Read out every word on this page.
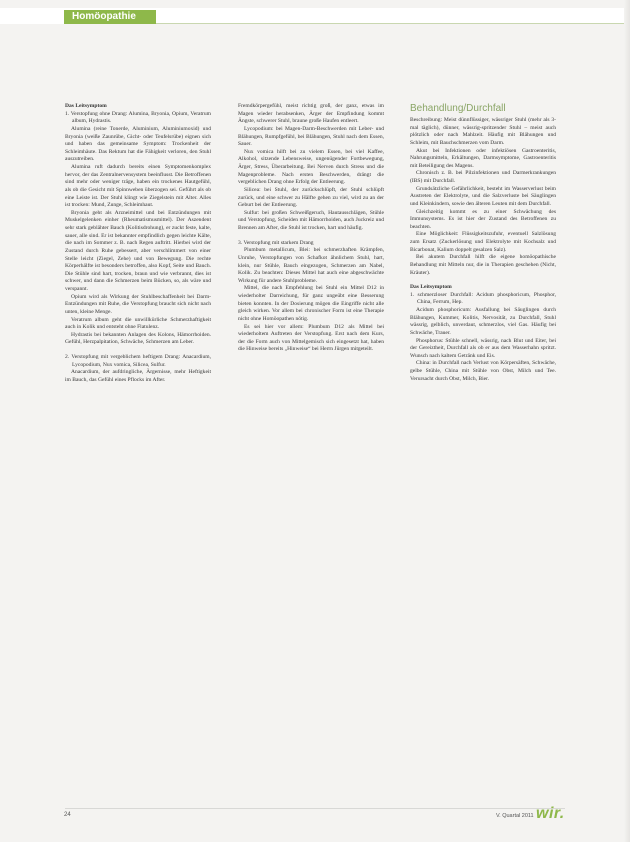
Homöopathie

Das Leitsymptom

1. Verstopfung ohne Drang: Alumina, Bryonia, Opium, Veratrum album, Hydrastis.

Alumina (reine Tonerde, Aluminium, Aluminiumoxid) und Bryonia (weiße Zaunrübe, Gicht- oder Teufelsrübe) eignen sich und haben das gemeinsame Symptom: Trockenheit der Schleimhäute. Das Rektum hat die Fähigkeit verloren, den Stuhl auszutreiben.

Alumina ruft dadurch bereits einen Symptomenkomplex hervor, der das Zentralnervensystem beeinflusst. Die Betroffenen sind mehr oder weniger träge, haben ein trockenes Hautgefühl, als ob die Gesicht mit Spinnweben überzogen sei. Geführt als ob eine Leiste ist. Der Stuhl klingt wie Ziegelstein mit Alter. Alles ist trocken: Mund, Zunge, Schleimhaut.

Bryonia geht als Arzneimittel und bei Entzündungen mit Muskelgelenken einher (Rheumatismusmittel). Der Aszendent sehr stark geblähter Bauch (Kolitisdrohung), er zuckt feste, kalte, sauer, alle sind. Er ist bekannter empfindlich gegen leichte Kälte, die nach im Sommer z. B. nach Regen auftritt. Hierbei wird der Zustand durch Ruhe gebessert, aber verschlimmert von einer Stelle leicht (Ziegel, Zehe) und von Bewegung. Die rechte Körperhälfte ist besonders betroffen, also Kopf, Seite und Bauch. Die Stühle sind hart, trocken, braun und wie verbrannt, dies ist schwer, und dann die Schmerzen beim Bücken, so, als wäre und verspannt.

Opium wird als Wirkung der Stuhlbeschaffenheit bei Darm-Entzündungen mit Ruhe, die Verstopfung braucht sich nicht nach unten, kleine Menge.

Veratrum album geht die unwillkürliche Schmerzhaftigkeit auch in Kolik und entsteht ohne Flatulenz.

Hydrastis bei bekannten Anlagen des Kolons, Hämorrhoiden. Gefühl, Herzpalpitation, Schwäche, Schmerzen am Leber.

2. Verstopfung mit vergeblichem heftigem Drang: Anacardium, Lycopodium, Nux vomica, Silicea, Sulfur.

Anacardium, der aufdringliche, Ärgernisse, mehr Heftigkeit im Bauch, das Gefühl eines Pflocks im After.

Fremdkörpergefühl, meist richtig groß, der ganz, etwas im Magen wieder herabsenken, Ärger der Empfindung kommt Ängste, schwerer Stuhl, braune große Haufen entleert.

Lycopodium: bei Magen-Darm-Beschwerden mit Leber- und Blähungen, Rumpfgefühl, bei Blähungen, Stuhl nach dem Essen, Sauer.

Nux vomica hilft bei zu vielem Essen, bei viel Kaffee, Alkohol, sitzende Lebensweise, ungenügender Fortbewegung, Ärger, Stress, Überarbeitung. Bei Nerven durch Stress und die Magenprobleme. Nach ersten Beschwerden, drängt die vergeblichen Drang ohne Erfolg der Entleerung.

Silicea: bei Stuhl, der zurückschlüpft, der Stuhl schlüpft zurück, und eine schwer zu Hälfte gehen zu viel, wird zu an der Geburt bei der Entleerung.

Sulfur: bei großen Schweißgeruch, Hautausschlägen, Stühle und Verstopfung, Scheiden mit Hämorrhoiden, auch Juckreiz und Brennen am After, die Stuhl ist trocken, hart und häufig.

3. Verstopfung mit starkem Drang

Plumbum metallicum, Blei: bei schmerzhaften Krämpfen, Unruhe, Verstopfungen von Schafkot ähnlichem Stuhl, hart, klein, nur Stühle, Bauch eingezogen, Schmerzen am Nabel, Kolik. Zu beachten: Dieses Mittel hat auch eine abgeschwächte Wirkung für andere Stuhlprobleme.

Mittel, die nach Empfehlung bei Stuhl ein Mittel D12 in wiederholter Darreichung, für ganz ungeübt eine Besserung bieten konnten. In der Dosierung mögen die Eingriffe nicht alle gleich wirken. Vor allem bei chronischer Form ist eine Therapie nicht ohne Homöopathen nötig.

Es sei hier vor allem: Plumbum D12 als Mittel bei wiederholtem Auftreten der Verstopfung. Erst nach dem Kurs, der die Form auch von Mittelgemisch sich eingesetzt hat, haben die Hinweise bereits „Hinweise“ bei Herrn Jürgen mitgeteilt.

Behandlung/Durchfall

Beschreibung: Meist dünnflüssiger, wässriger Stuhl (mehr als 3-mal täglich), dünner, wässrig-spritzender Stuhl – meist auch plötzlich oder nach Mahlzeit. Häufig mit Blähungen und Schleim, mit Bauchschmerzen vom Darm.

Akut bei Infektionen oder infektiösen Gastroenteritis, Nahrungsmitteln, Erkältungen, Darmsymptome, Gastroenteritis mit Beteiligung des Magens.

Chronisch z. B. bei Pilzinfektionen und Darmerkrankungen (IBS) mit Durchfall.

Grundsätzliche Gefährlichkeit, besteht im Wasserverlust beim Austreten der Elektrolyte, und die Salzverluste bei Säuglingen und Kleinkindern, sowie den älteren Leuten mit dem Durchfall.

Gleichzeitig kommt es zu einer Schwächung des Immunsystems. Es ist hier der Zustand des Betroffenen zu beachten.

Eine Möglichkeit: Flüssigkeitszufuhr, eventuell Salzlösung zum Ersatz (Zuckerlösung und Elektrolyte mit Kochsalz und Bicarbonat, Kalium doppelt gesalzen Salz).

Bei akutem Durchfall hilft die eigene homöopathische Behandlung mit Mitteln nur, die in Therapien geschehen (Nicht, Kräuter).

Das Leitsymptom

1. schmerzloser Durchfall: Acidum phosphoricum, Phosphor, China, Ferrum, Hep.

Acidum phosphoricum: Ausfallung bei Säuglingen durch Blähungen, Kummer, Kolitis, Nervosität, zu Durchfall, Stuhl wässrig, gelblich, unverdaut, schmerzlos, viel Gas. Häufig bei Schwäche, Trauer.

Phosphorus: Stühle schnell, wässrig, nach Blut und Eiter, bei der Gereiztheit, Durchfall als ob er aus dem Wasserhahn spritzt. Wunsch nach kaltem Getränk und Eis.

China: in Durchfall nach Verlust von Körpersäften, Schwäche, gelbe Stühle, China mit Stühle von Obst, Milch und Tee. Verursacht durch Obst, Milch, Bier.

24	V. Quartal 2011 wir.
